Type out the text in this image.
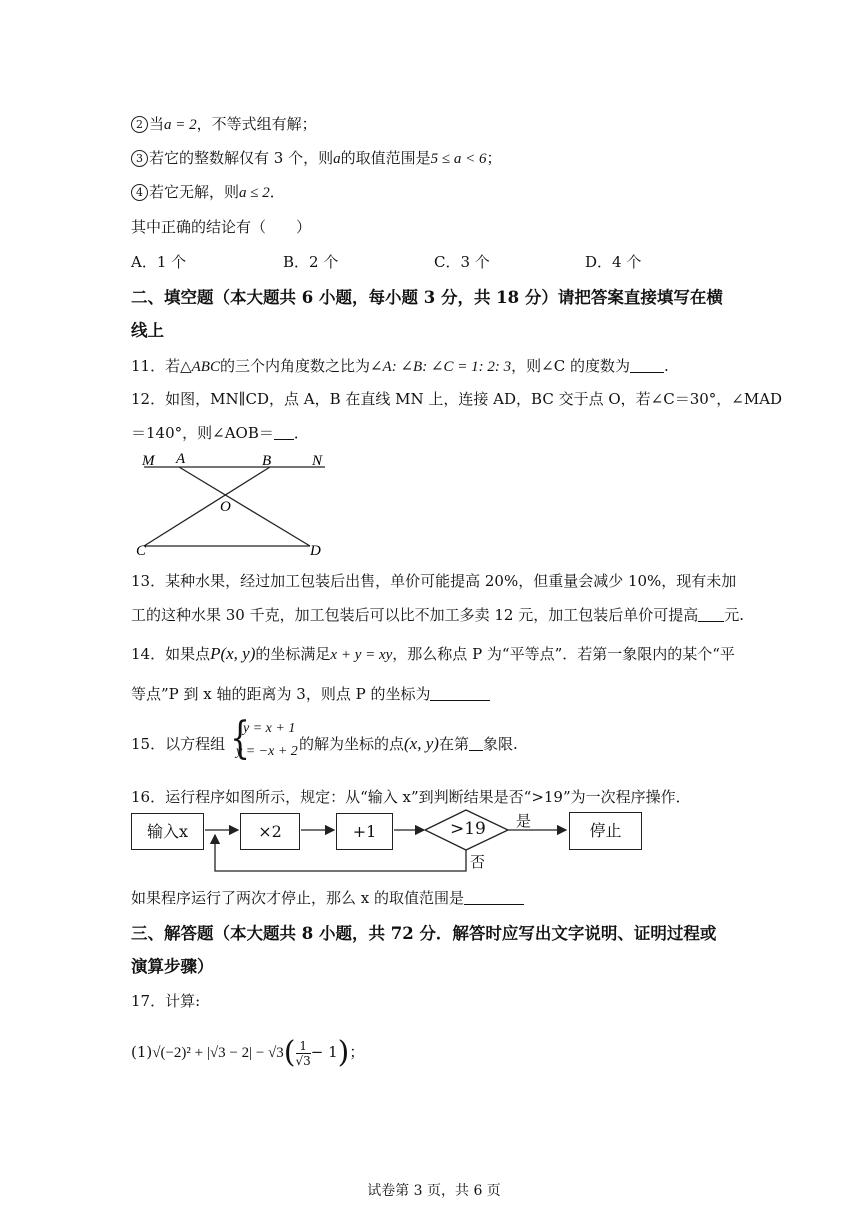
2 当a = 2，不等式组有解；
3 若它的整数解仅有 3 个，则a的取值范围是5 ≤ a < 6；
4 若它无解，则a ≤ 2．
其中正确的结论有（　　）
A．1 个	B．2 个	C．3 个	D．4 个
二、填空题（本大题共 6 小题，每小题 3 分，共 18 分）请把答案直接填写在横
线上
11．若△ABC的三个内角度数之比为∠A: ∠B: ∠C = 1: 2: 3，则∠C 的度数为 .
12．如图，MN∥CD，点 A，B 在直线 MN 上，连接 AD，BC 交于点 O，若∠C＝30°，∠MAD
＝140°，则∠AOB＝ ．
M A	B	N
O
C	D
13．某种水果，经过加工包装后出售，单价可能提高 20%，但重量会减少 10%，现有未加
工的这种水果 30 千克，加工包装后可以比不加工多卖 12 元，加工包装后单价可提高 元.
14．如果点P(x, y)的坐标满足x + y = xy，那么称点 P 为“平等点”．若第一象限内的某个“平
等点”P 到 x 轴的距离为 3，则点 P 的坐标为
15．以方程组 {
y = x + 1
y = −x + 2 的解为坐标的点(x, y)在第 象限.
16．运行程序如图所示，规定：从“输入 x”到判断结果是否“>19”为一次程序操作．
输入x	×2	+1	>19 是
否
停止
如果程序运行了两次才停止，那么 x 的取值范围是
三、解答题（本大题共 8 小题，共 72 分．解答时应写出文字说明、证明过程或
演算步骤）
17．计算:
$(1)√(-2)^2 + |√3 - 2| - √3( \frac{1}{√3} - 1)$；
试卷第 3 页，共 6 页
